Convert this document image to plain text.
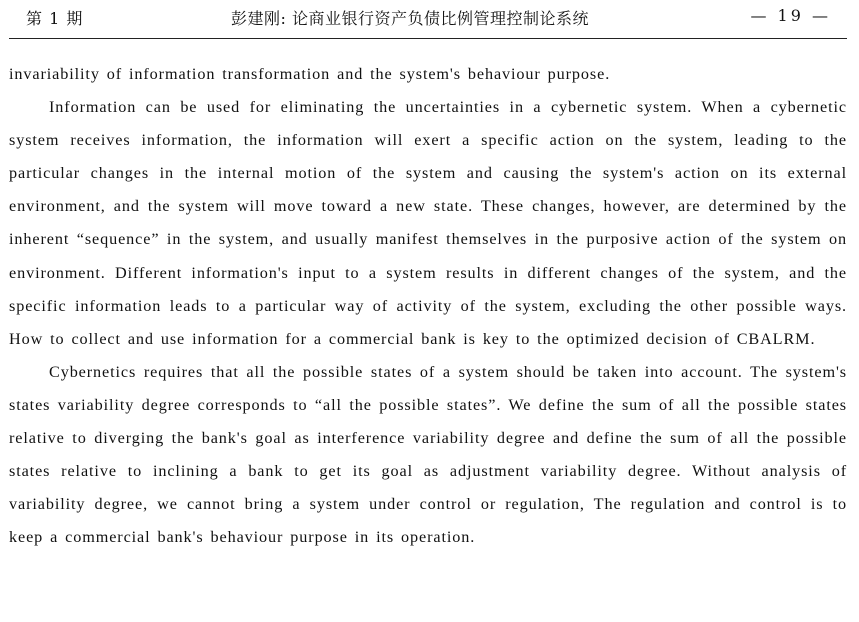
第 1 期	彭建刚: 论商业银行资产负债比例管理控制论系统	— 19 —

invariability of information transformation and the system's behaviour purpose.

Information can be used for eliminating the uncertainties in a cybernetic system. When a cybernetic system receives information, the information will exert a specific action on the system, leading to the particular changes in the internal motion of the system and causing the system's action on its external environment, and the system will move toward a new state. These changes, however, are determined by the inherent “sequence” in the system, and usually manifest themselves in the purposive action of the system on environment. Different information's input to a system results in different changes of the system, and the specific information leads to a particular way of activity of the system, excluding the other possible ways. How to collect and use information for a commercial bank is key to the optimized decision of CBALRM.

Cybernetics requires that all the possible states of a system should be taken into account. The system's states variability degree corresponds to “all the possible states”. We define the sum of all the possible states relative to diverging the bank's goal as interference variability degree and define the sum of all the possible states relative to inclining a bank to get its goal as adjustment variability degree. Without analysis of variability degree, we cannot bring a system under control or regulation, The regulation and control is to keep a commercial bank's behaviour purpose in its operation.
